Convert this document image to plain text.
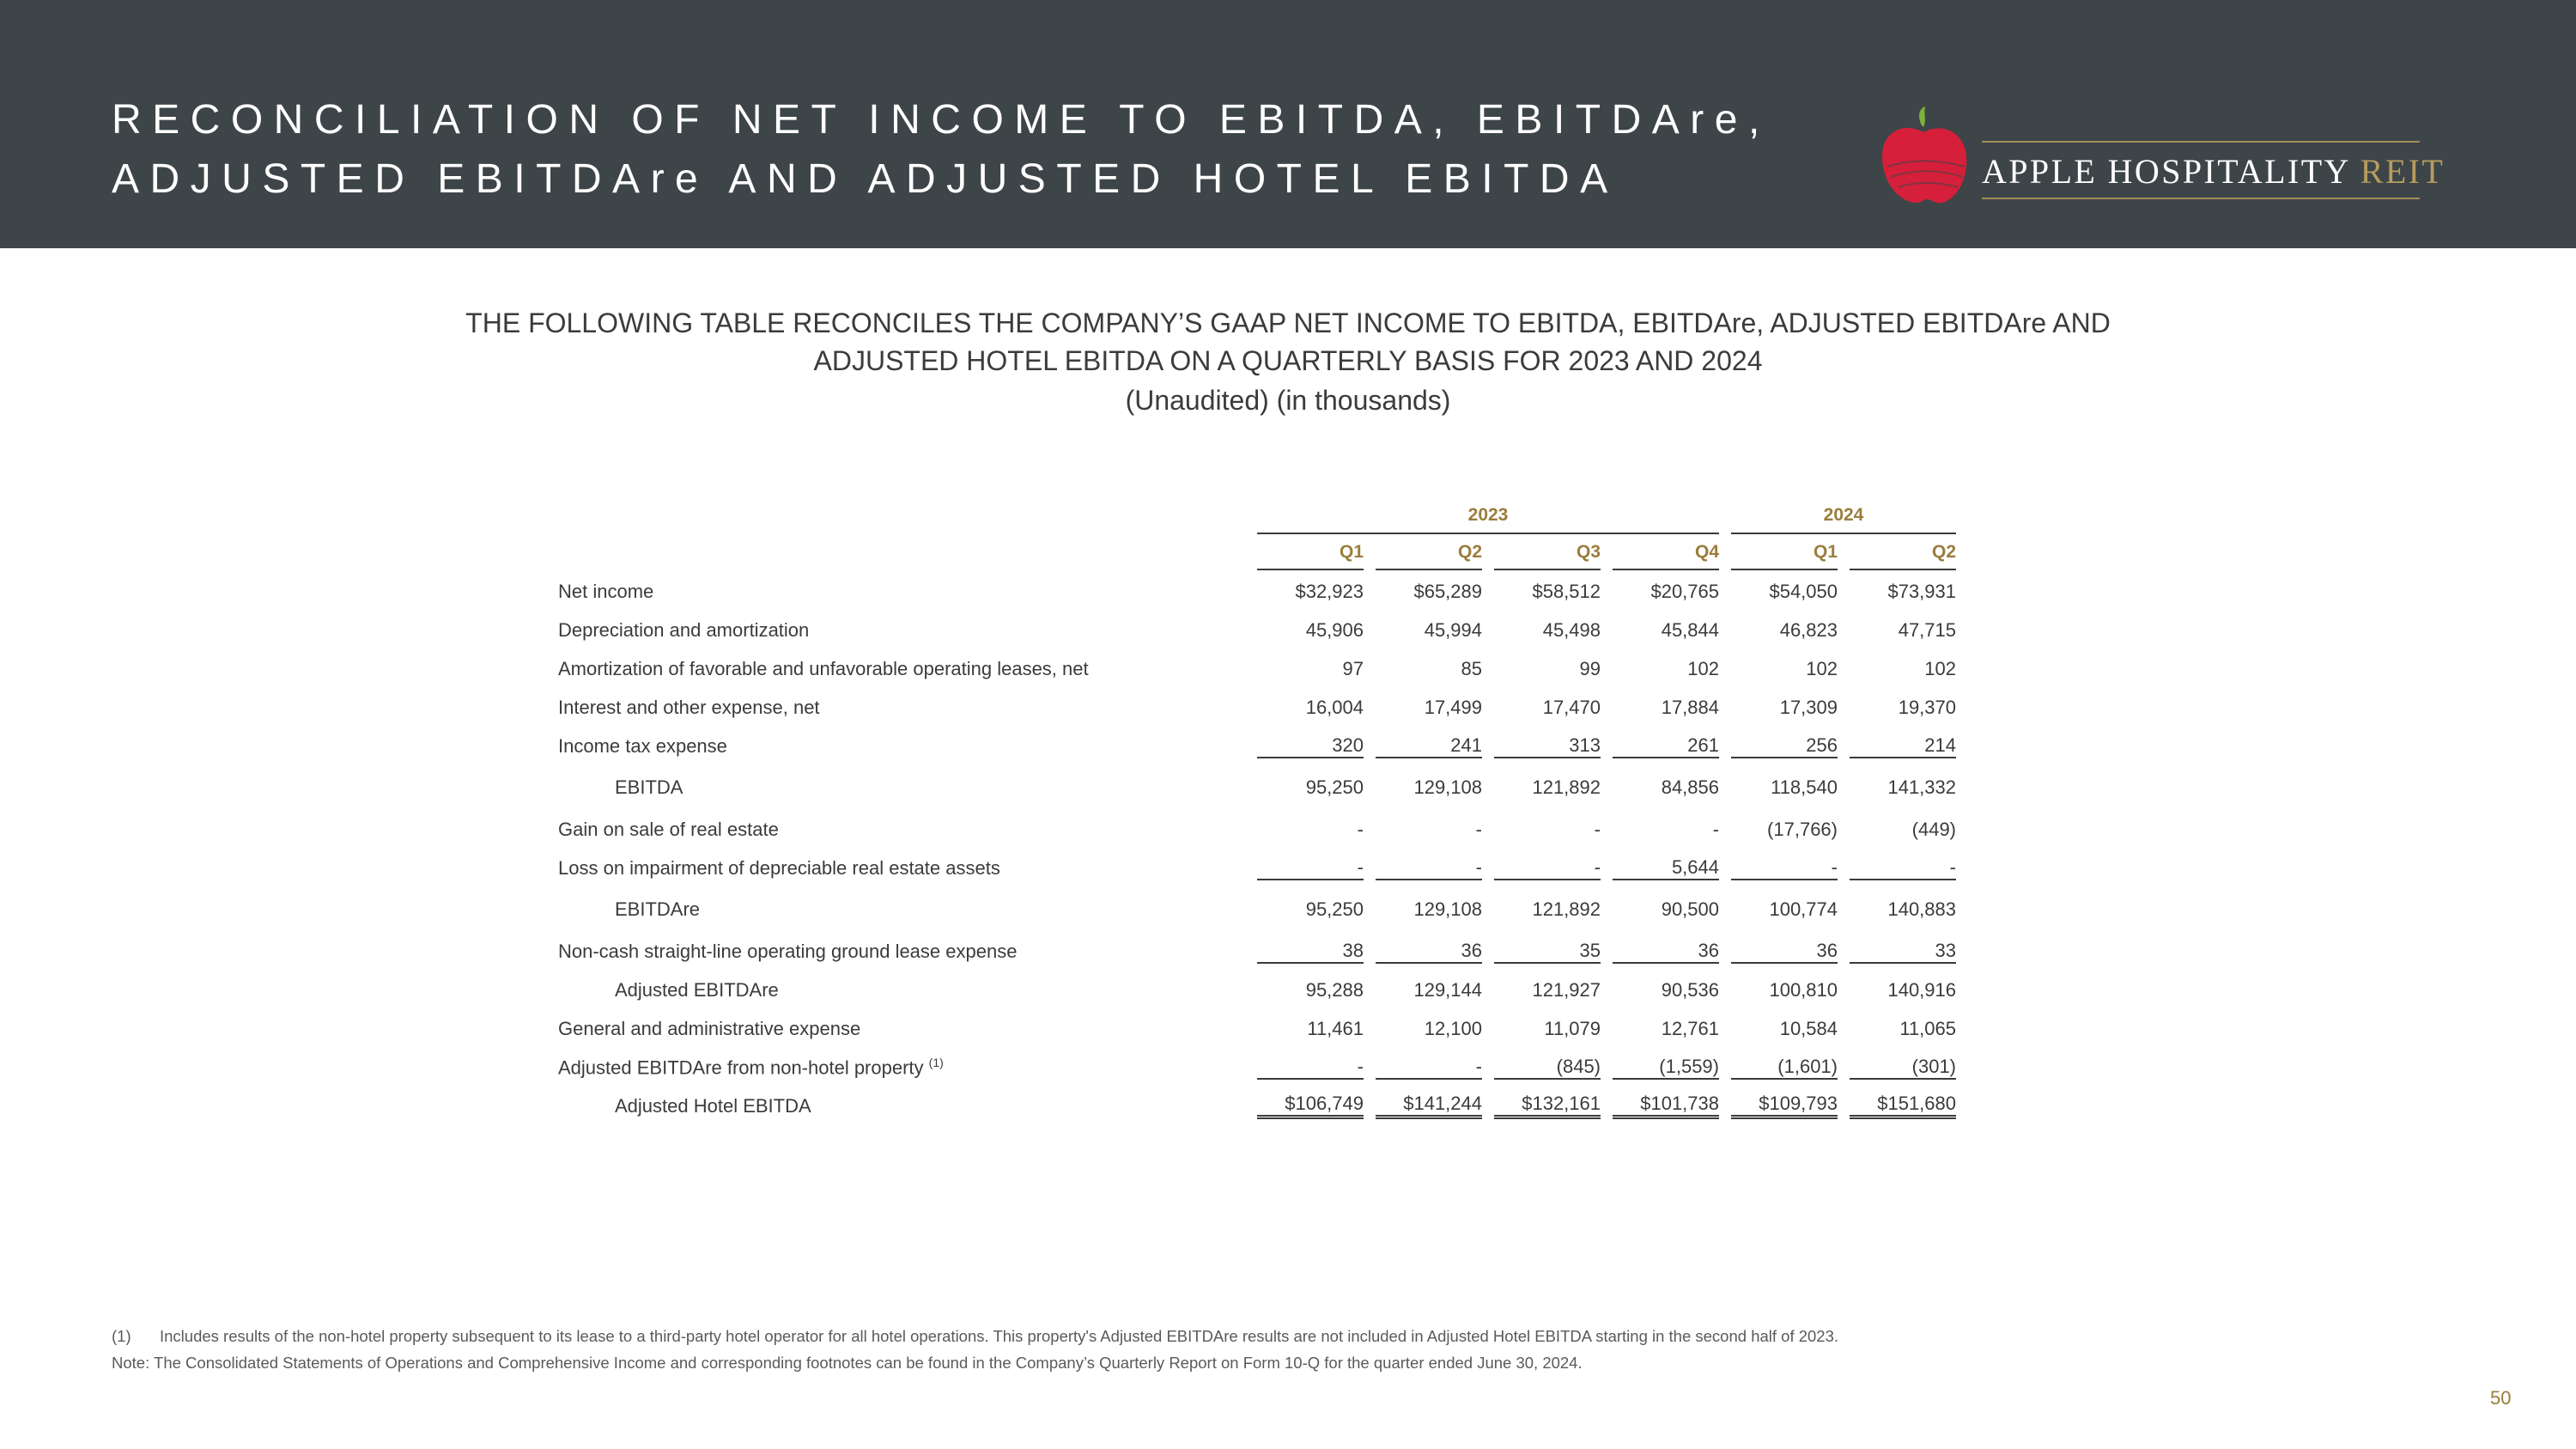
RECONCILIATION OF NET INCOME TO EBITDA, EBITDAre,
ADJUSTED EBITDAre AND ADJUSTED HOTEL EBITDA	APPLE HOSPITALITY REIT
THE FOLLOWING TABLE RECONCILES THE COMPANY’S GAAP NET INCOME TO EBITDA, EBITDAre, ADJUSTED EBITDAre AND
ADJUSTED HOTEL EBITDA ON A QUARTERLY BASIS FOR 2023 AND 2024
(Unaudited) (in thousands)
	2023								2024		

	Q1		Q2		Q3		Q4		Q1		Q2

Net income	$32,923		$65,289		$58,512		$20,765		$54,050		$73,931
Depreciation and amortization	45,906		45,994		45,498		45,844		46,823		47,715
Amortization of favorable and unfavorable operating leases, net	97		85		99		102		102		102
Interest and other expense, net	16,004		17,499		17,470		17,884		17,309		19,370
Income tax expense	320		241		313		261		256		214

EBITDA	95,250		129,108		121,892		84,856		118,540		141,332
Gain on sale of real estate	-		-		-		-		(17,766)		(449)
Loss on impairment of depreciable real estate assets	-		-		-		5,644		-		-

EBITDAre	95,250		129,108		121,892		90,500		100,774		140,883
Non-cash straight-line operating ground lease expense	38		36		35		36		36		33

Adjusted EBITDAre	95,288		129,144		121,927		90,536		100,810		140,916
General and administrative expense	11,461		12,100		11,079		12,761		10,584		11,065
Adjusted EBITDAre from non-hotel property $^{(1)}$	-		-		(845)		(1,559)		(1,601)		(301)

Adjusted Hotel EBITDA	$106,749		$141,244		$132,161		$101,738		$109,793		$151,680
(1) Includes results of the non-hotel property subsequent to its lease to a third-party hotel operator for all hotel operations. This property's Adjusted EBITDAre results are not included in Adjusted Hotel EBITDA starting in the second half of 2023.
Note: The Consolidated Statements of Operations and Comprehensive Income and corresponding footnotes can be found in the Company’s Quarterly Report on Form 10-Q for the quarter ended June 30, 2024.
50
